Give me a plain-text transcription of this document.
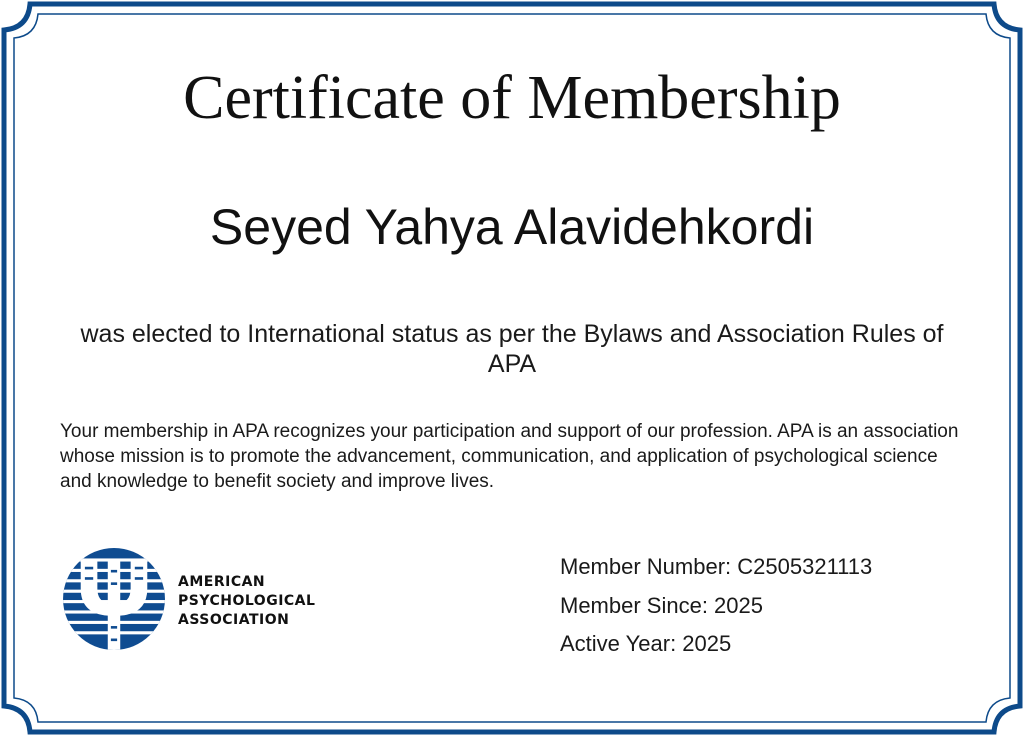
Certificate of Membership
Seyed Yahya Alavidehkordi
was elected to International status as per the Bylaws and Association Rules of APA
Your membership in APA recognizes your participation and support of our profession. APA is an association whose mission is to promote the advancement, communication, and application of psychological science and knowledge to benefit society and improve lives.
AMERICAN
PSYCHOLOGICAL
ASSOCIATION
Member Number: C2505321113
Member Since: 2025
Active Year: 2025
